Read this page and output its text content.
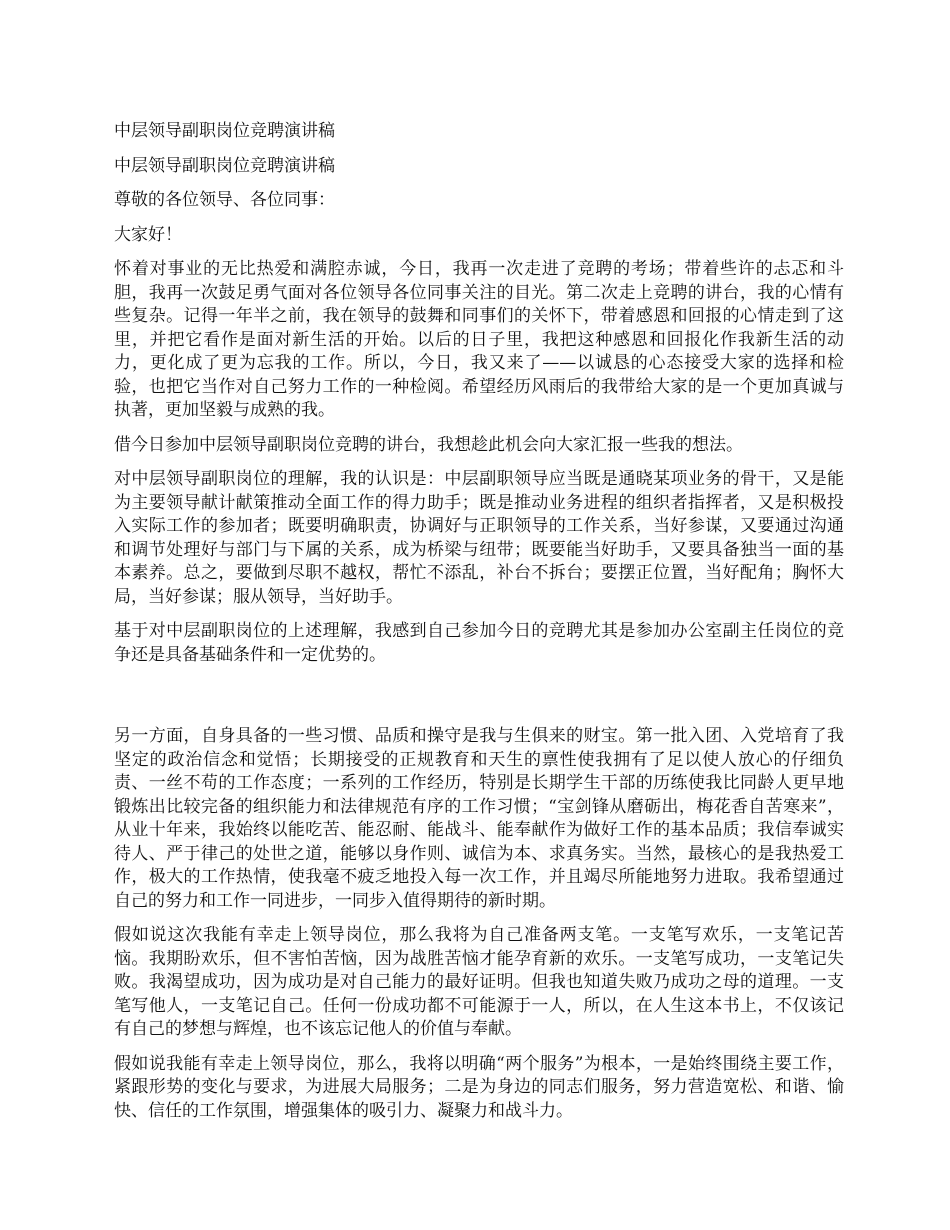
中层领导副职岗位竞聘演讲稿

中层领导副职岗位竞聘演讲稿

尊敬的各位领导、各位同事：

大家好！

怀着对事业的无比热爱和满腔赤诚，今日，我再一次走进了竞聘的考场；带着些许的忐忑和斗胆，我再一次鼓足勇气面对各位领导各位同事关注的目光。第二次走上竞聘的讲台，我的心情有些复杂。记得一年半之前，我在领导的鼓舞和同事们的关怀下，带着感恩和回报的心情走到了这里，并把它看作是面对新生活的开始。以后的日子里，我把这种感恩和回报化作我新生活的动力，更化成了更为忘我的工作。所以，今日，我又来了——以诚恳的心态接受大家的选择和检验，也把它当作对自己努力工作的一种检阅。希望经历风雨后的我带给大家的是一个更加真诚与执著，更加坚毅与成熟的我。

借今日参加中层领导副职岗位竞聘的讲台，我想趁此机会向大家汇报一些我的想法。

对中层领导副职岗位的理解，我的认识是：中层副职领导应当既是通晓某项业务的骨干，又是能为主要领导献计献策推动全面工作的得力助手；既是推动业务进程的组织者指挥者，又是积极投入实际工作的参加者；既要明确职责，协调好与正职领导的工作关系，当好参谋，又要通过沟通和调节处理好与部门与下属的关系，成为桥梁与纽带；既要能当好助手，又要具备独当一面的基本素养。总之，要做到尽职不越权，帮忙不添乱，补台不拆台；要摆正位置，当好配角；胸怀大局，当好参谋；服从领导，当好助手。

基于对中层副职岗位的上述理解，我感到自己参加今日的竞聘尤其是参加办公室副主任岗位的竞争还是具备基础条件和一定优势的。

另一方面，自身具备的一些习惯、品质和操守是我与生俱来的财宝。第一批入团、入党培育了我坚定的政治信念和觉悟；长期接受的正规教育和天生的禀性使我拥有了足以使人放心的仔细负责、一丝不苟的工作态度；一系列的工作经历，特别是长期学生干部的历练使我比同龄人更早地锻炼出比较完备的组织能力和法律规范有序的工作习惯；“宝剑锋从磨砺出，梅花香自苦寒来”，从业十年来，我始终以能吃苦、能忍耐、能战斗、能奉献作为做好工作的基本品质；我信奉诚实待人、严于律己的处世之道，能够以身作则、诚信为本、求真务实。当然，最核心的是我热爱工作，极大的工作热情，使我毫不疲乏地投入每一次工作，并且竭尽所能地努力进取。我希望通过自己的努力和工作一同进步，一同步入值得期待的新时期。

假如说这次我能有幸走上领导岗位，那么我将为自己准备两支笔。一支笔写欢乐，一支笔记苦恼。我期盼欢乐，但不害怕苦恼，因为战胜苦恼才能孕育新的欢乐。一支笔写成功，一支笔记失败。我渴望成功，因为成功是对自己能力的最好证明。但我也知道失败乃成功之母的道理。一支笔写他人，一支笔记自己。任何一份成功都不可能源于一人，所以，在人生这本书上，不仅该记有自己的梦想与辉煌，也不该忘记他人的价值与奉献。

假如说我能有幸走上领导岗位，那么，我将以明确“两个服务”为根本，一是始终围绕主要工作，紧跟形势的变化与要求，为进展大局服务；二是为身边的同志们服务，努力营造宽松、和谐、愉快、信任的工作氛围，增强集体的吸引力、凝聚力和战斗力。
